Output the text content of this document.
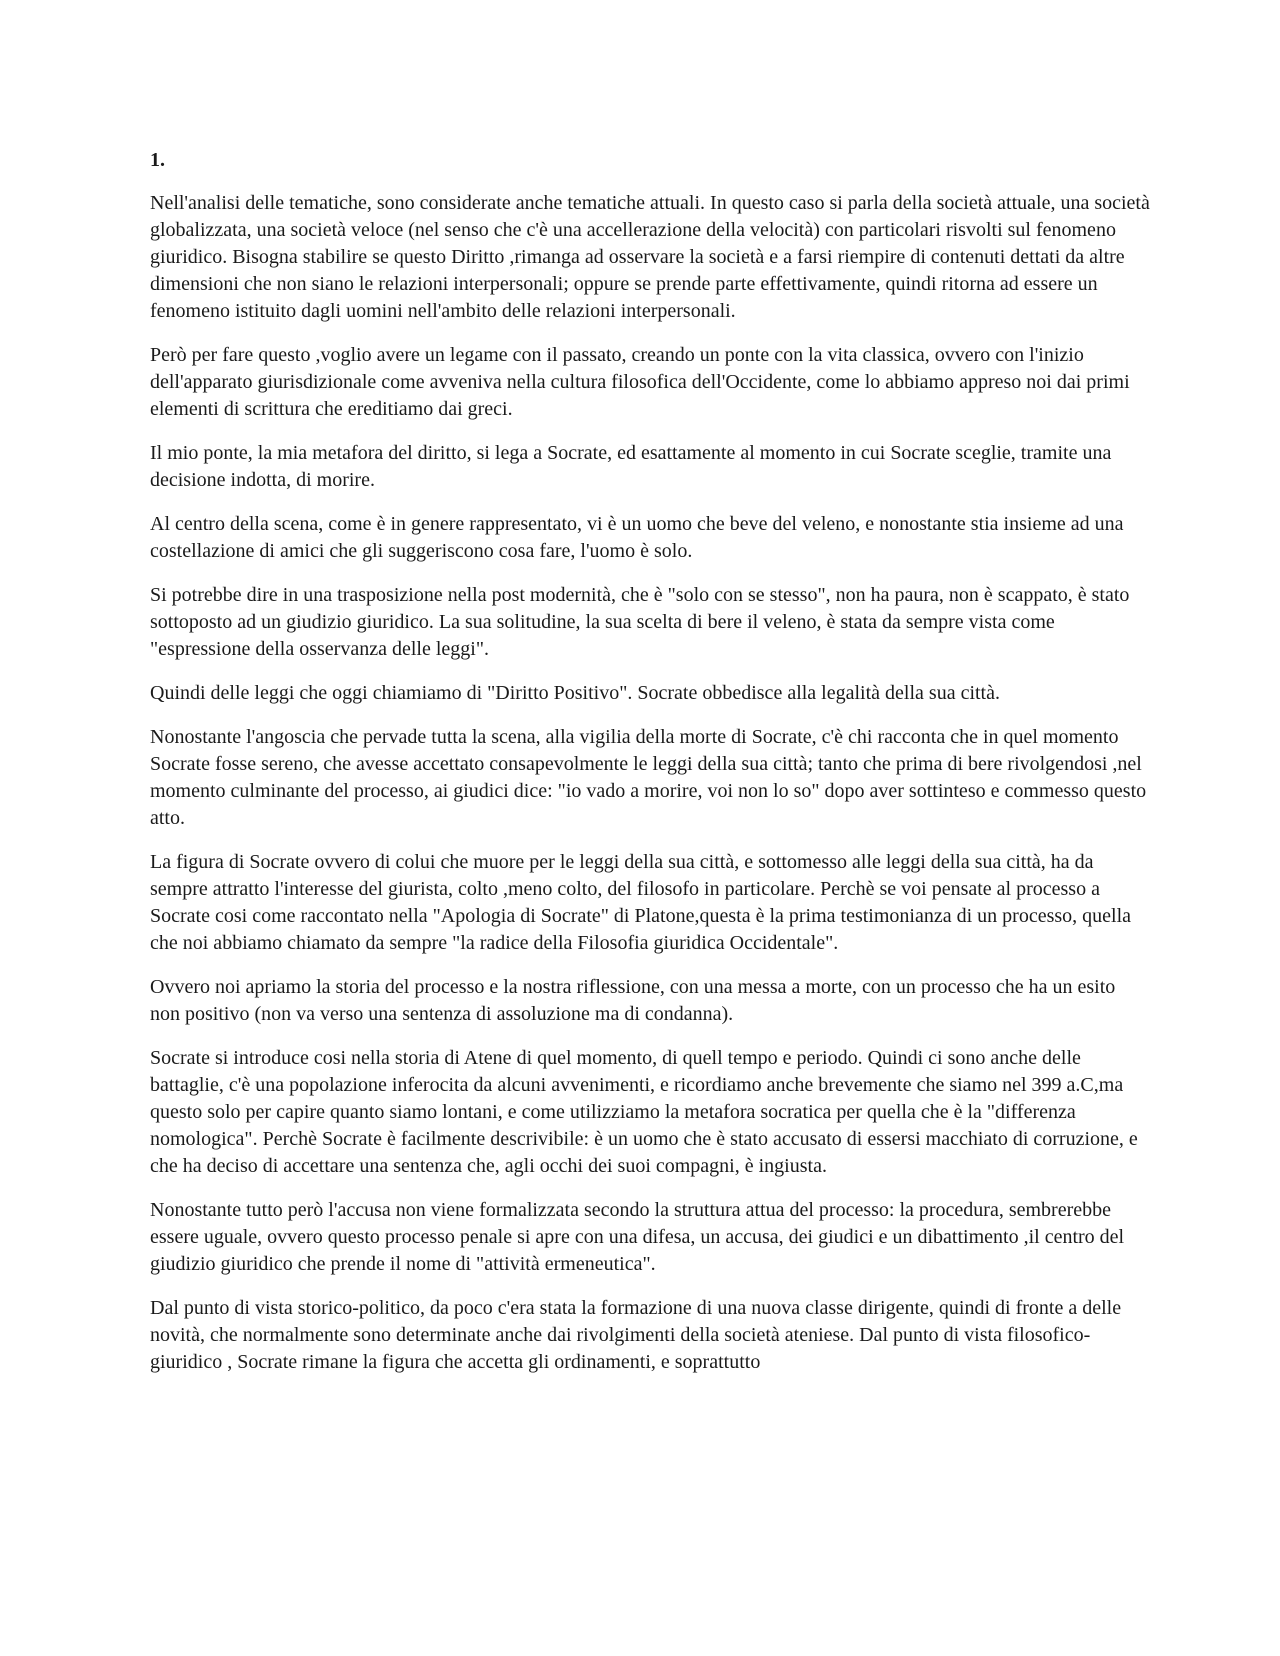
1.

Nell'analisi delle tematiche, sono considerate anche tematiche attuali. In questo caso si parla della società attuale, una società globalizzata, una società veloce (nel senso che c'è una accellerazione della velocità) con particolari risvolti sul fenomeno giuridico. Bisogna stabilire se questo Diritto ,rimanga ad osservare la società e a farsi riempire di contenuti dettati da altre dimensioni che non siano le relazioni interpersonali; oppure se prende parte effettivamente, quindi ritorna ad essere un fenomeno istituito dagli uomini nell'ambito delle relazioni interpersonali.

Però per fare questo ,voglio avere un legame con il passato, creando un ponte con la vita classica, ovvero con l'inizio dell'apparato giurisdizionale come avveniva nella cultura filosofica dell'Occidente, come lo abbiamo appreso noi dai primi elementi di scrittura che ereditiamo dai greci.

Il mio ponte, la mia metafora del diritto, si lega a Socrate, ed esattamente al momento in cui Socrate sceglie, tramite una decisione indotta, di morire.

Al centro della scena, come è in genere rappresentato, vi è un uomo che beve del veleno, e nonostante stia insieme ad una costellazione di amici che gli suggeriscono cosa fare, l'uomo è solo.

Si potrebbe dire in una trasposizione nella post modernità, che è "solo con se stesso", non ha paura, non è scappato, è stato sottoposto ad un giudizio giuridico. La sua solitudine, la sua scelta di bere il veleno, è stata da sempre vista come "espressione della osservanza delle leggi".

Quindi delle leggi che oggi chiamiamo di "Diritto Positivo". Socrate obbedisce alla legalità della sua città.

Nonostante l'angoscia che pervade tutta la scena, alla vigilia della morte di Socrate, c'è chi racconta che in quel momento Socrate fosse sereno, che avesse accettato consapevolmente le leggi della sua città; tanto che prima di bere rivolgendosi ,nel momento culminante del processo, ai giudici dice: "io vado a morire, voi non lo so" dopo aver sottinteso e commesso questo atto.

La figura di Socrate ovvero di colui che muore per le leggi della sua città, e sottomesso alle leggi della sua città, ha da sempre attratto l'interesse del giurista, colto ,meno colto, del filosofo in particolare. Perchè se voi pensate al processo a Socrate cosi come raccontato nella "Apologia di Socrate" di Platone,questa è la prima testimonianza di un processo, quella che noi abbiamo chiamato da sempre "la radice della Filosofia giuridica Occidentale".

Ovvero noi apriamo la storia del processo e la nostra riflessione, con una messa a morte, con un processo che ha un esito non positivo (non va verso una sentenza di assoluzione ma di condanna).

Socrate si introduce cosi nella storia di Atene di quel momento, di quell tempo e periodo. Quindi ci sono anche delle battaglie, c'è una popolazione inferocita da alcuni avvenimenti, e ricordiamo anche brevemente che siamo nel 399 a.C,ma questo solo per capire quanto siamo lontani, e come utilizziamo la metafora socratica per quella che è la "differenza nomologica". Perchè Socrate è facilmente descrivibile: è un uomo che è stato accusato di essersi macchiato di corruzione, e che ha deciso di accettare una sentenza che, agli occhi dei suoi compagni, è ingiusta.

Nonostante tutto però l'accusa non viene formalizzata secondo la struttura attua del processo: la procedura, sembrerebbe essere uguale, ovvero questo processo penale si apre con una difesa, un accusa, dei giudici e un dibattimento ,il centro del giudizio giuridico che prende il nome di "attività ermeneutica".

Dal punto di vista storico-politico, da poco c'era stata la formazione di una nuova classe dirigente, quindi di fronte a delle novità, che normalmente sono determinate anche dai rivolgimenti della società ateniese. Dal punto di vista filosofico-giuridico , Socrate rimane la figura che accetta gli ordinamenti, e soprattutto
